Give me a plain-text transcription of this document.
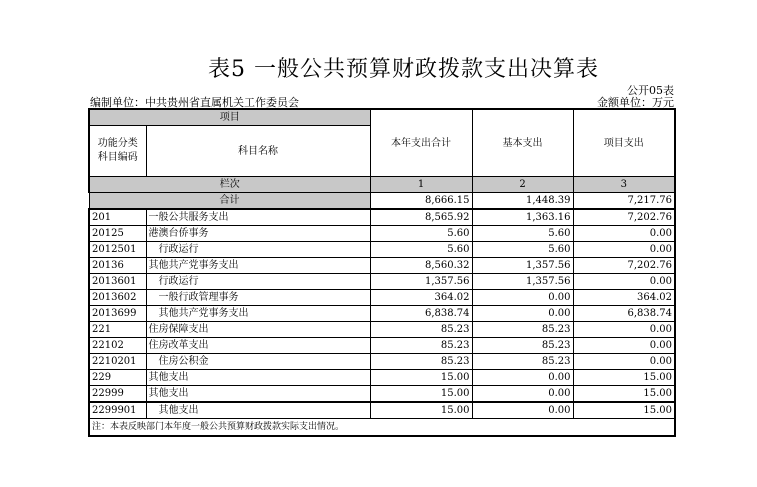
表5 一般公共预算财政拨款支出决算表
公开05表
编制单位：中共贵州省直属机关工作委员会	金额单位：万元
项目		本年支出合计	基本支出	项目支出
功能分类
科目编码	科目名称			

栏次		1	2	3
合计		8,666.15	1,448.39	7,217.76
201	一般公共服务支出	8,565.92	1,363.16	7,202.76
20125	港澳台侨事务	5.60	5.60	0.00
2012501	行政运行	5.60	5.60	0.00
20136	其他共产党事务支出	8,560.32	1,357.56	7,202.76
2013601	行政运行	1,357.56	1,357.56	0.00
2013602	一般行政管理事务	364.02	0.00	364.02
2013699	其他共产党事务支出	6,838.74	0.00	6,838.74
221	住房保障支出	85.23	85.23	0.00
22102	住房改革支出	85.23	85.23	0.00
2210201	住房公积金	85.23	85.23	0.00
229	其他支出	15.00	0.00	15.00
22999	其他支出	15.00	0.00	15.00
2299901	其他支出	15.00	0.00	15.00
注：本表反映部门本年度一般公共预算财政拨款实际支出情况。				
